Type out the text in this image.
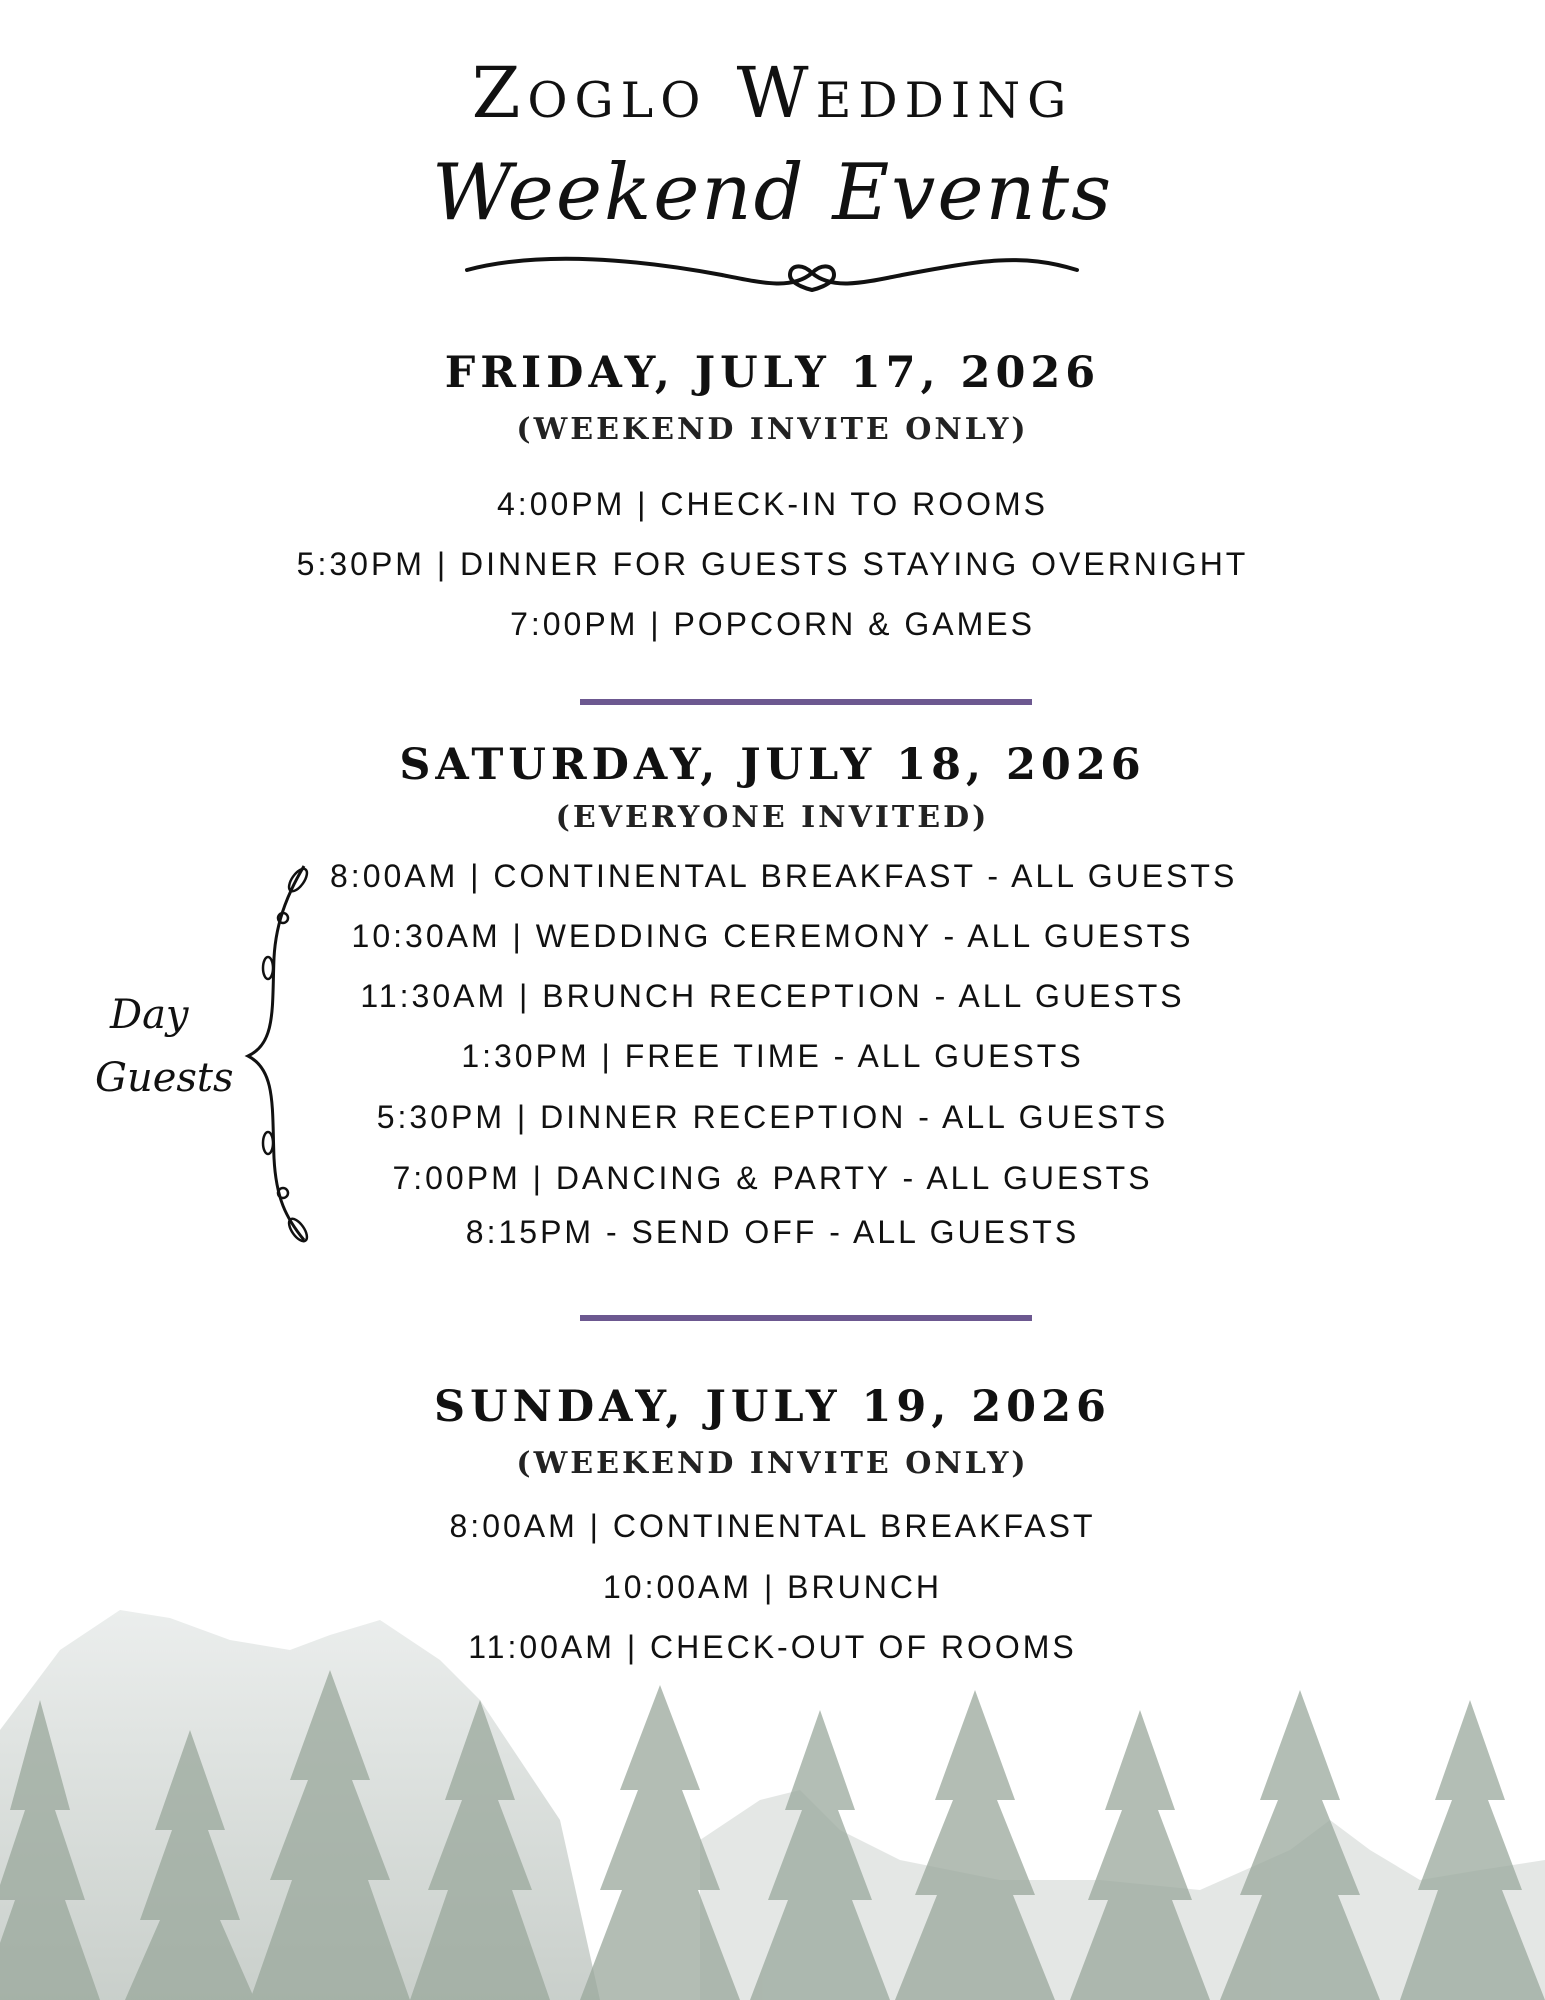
Zoglo Wedding
Weekend Events
FRIDAY, JULY 17, 2026
(WEEKEND INVITE ONLY)
4:00PM | CHECK-IN TO ROOMS
5:30PM | DINNER FOR GUESTS STAYING OVERNIGHT
7:00PM | POPCORN & GAMES
SATURDAY, JULY 18, 2026
(EVERYONE INVITED)
8:00AM | CONTINENTAL BREAKFAST - ALL GUESTS
10:30AM | WEDDING CEREMONY - ALL GUESTS
11:30AM | BRUNCH RECEPTION - ALL GUESTS
1:30PM | FREE TIME - ALL GUESTS
5:30PM | DINNER RECEPTION - ALL GUESTS
7:00PM | DANCING & PARTY - ALL GUESTS
8:15PM - SEND OFF - ALL GUESTS
Day
Guests
SUNDAY, JULY 19, 2026
(WEEKEND INVITE ONLY)
8:00AM | CONTINENTAL BREAKFAST
10:00AM | BRUNCH
11:00AM | CHECK-OUT OF ROOMS
